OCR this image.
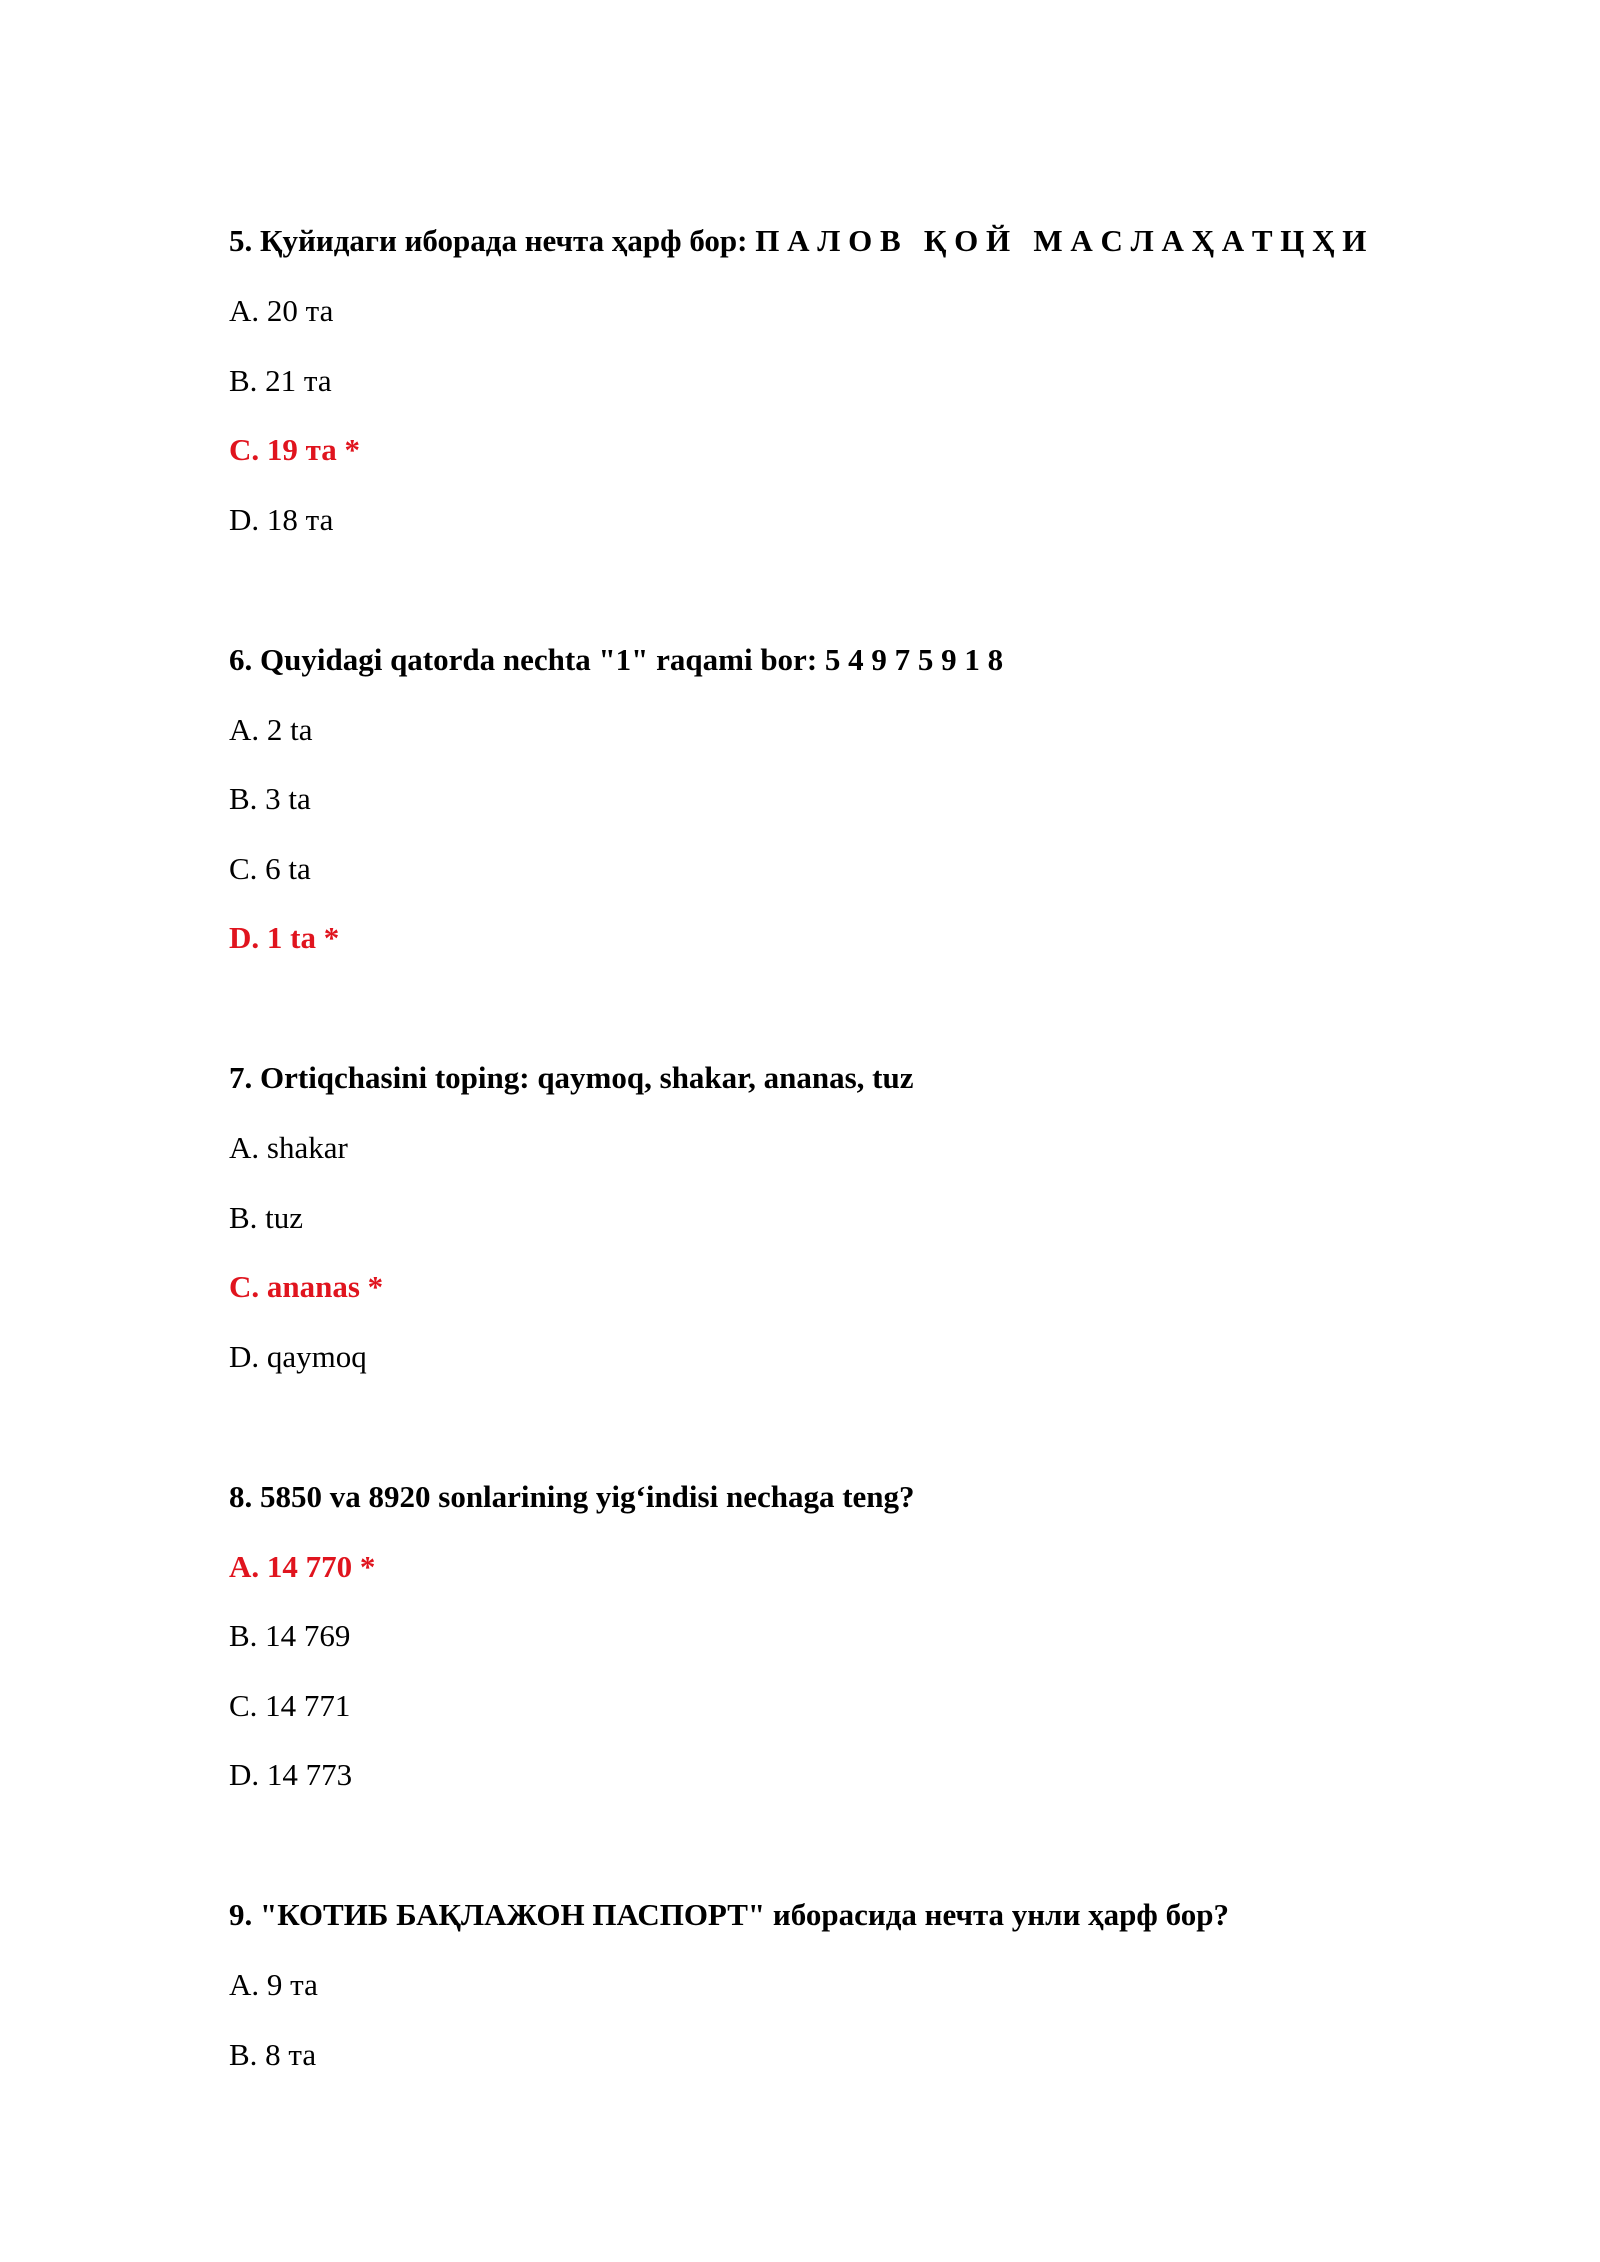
5. Қуйидаги иборада нечта ҳарф бор: П А Л О В   Қ О Й   М А С Л А Ҳ А Т Ц Ҳ И

A. 20 та

B. 21 та

C. 19 та *

D. 18 та

6. Quyidagi qatorda nechta "1" raqami bor: 5 4 9 7 5 9 1 8

A. 2 ta

B. 3 ta

C. 6 ta

D. 1 ta *

7. Ortiqchasini toping: qaymoq, shakar, ananas, tuz

A. shakar

B. tuz

C. ananas *

D. qaymoq

8. 5850 va 8920 sonlarining yig‘indisi nechaga teng?

A. 14 770 *

B. 14 769

C. 14 771

D. 14 773

9. "КОТИБ БАҚЛАЖОН ПАСПОРТ" иборасида нечта унли ҳарф бор?

A. 9 та

B. 8 та
